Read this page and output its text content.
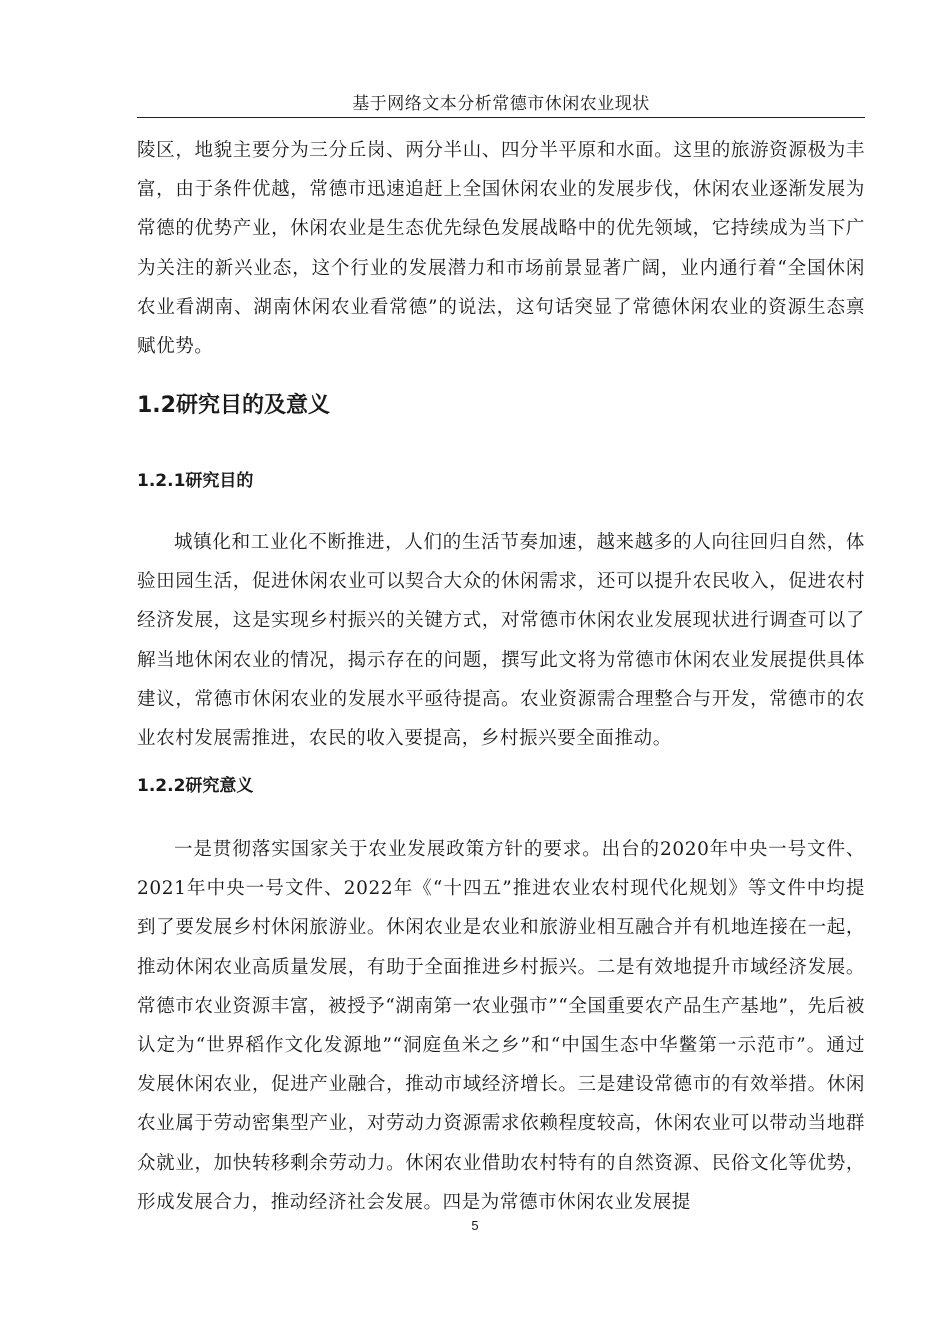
基于网络文本分析常德市休闲农业现状

陵区，地貌主要分为三分丘岗、两分半山、四分半平原和水面。这里的旅游资源极为丰富，由于条件优越，常德市迅速追赶上全国休闲农业的发展步伐，休闲农业逐渐发展为常德的优势产业，休闲农业是生态优先绿色发展战略中的优先领域，它持续成为当下广为关注的新兴业态，这个行业的发展潜力和市场前景显著广阔，业内通行着“全国休闲农业看湖南、湖南休闲农业看常德”的说法，这句话突显了常德休闲农业的资源生态禀赋优势。

1.2研究目的及意义
1.2.1研究目的

城镇化和工业化不断推进，人们的生活节奏加速，越来越多的人向往回归自然，体验田园生活，促进休闲农业可以契合大众的休闲需求，还可以提升农民收入，促进农村经济发展，这是实现乡村振兴的关键方式，对常德市休闲农业发展现状进行调查可以了解当地休闲农业的情况，揭示存在的问题，撰写此文将为常德市休闲农业发展提供具体建议，常德市休闲农业的发展水平亟待提高。农业资源需合理整合与开发，常德市的农业农村发展需推进，农民的收入要提高，乡村振兴要全面推动。

1.2.2研究意义

一是贯彻落实国家关于农业发展政策方针的要求。出台的2020年中央一号文件、2021年中央一号文件、2022年《“十四五”推进农业农村现代化规划》等文件中均提到了要发展乡村休闲旅游业。休闲农业是农业和旅游业相互融合并有机地连接在一起，推动休闲农业高质量发展，有助于全面推进乡村振兴。二是有效地提升市域经济发展。常德市农业资源丰富，被授予“湖南第一农业强市”“全国重要农产品生产基地”，先后被认定为“世界稻作文化发源地”“洞庭鱼米之乡”和“中国生态中华鳖第一示范市”。通过发展休闲农业，促进产业融合，推动市域经济增长。三是建设常德市的有效举措。休闲农业属于劳动密集型产业，对劳动力资源需求依赖程度较高，休闲农业可以带动当地群众就业，加快转移剩余劳动力。休闲农业借助农村特有的自然资源、民俗文化等优势，形成发展合力，推动经济社会发展。四是为常德市休闲农业发展提

5
